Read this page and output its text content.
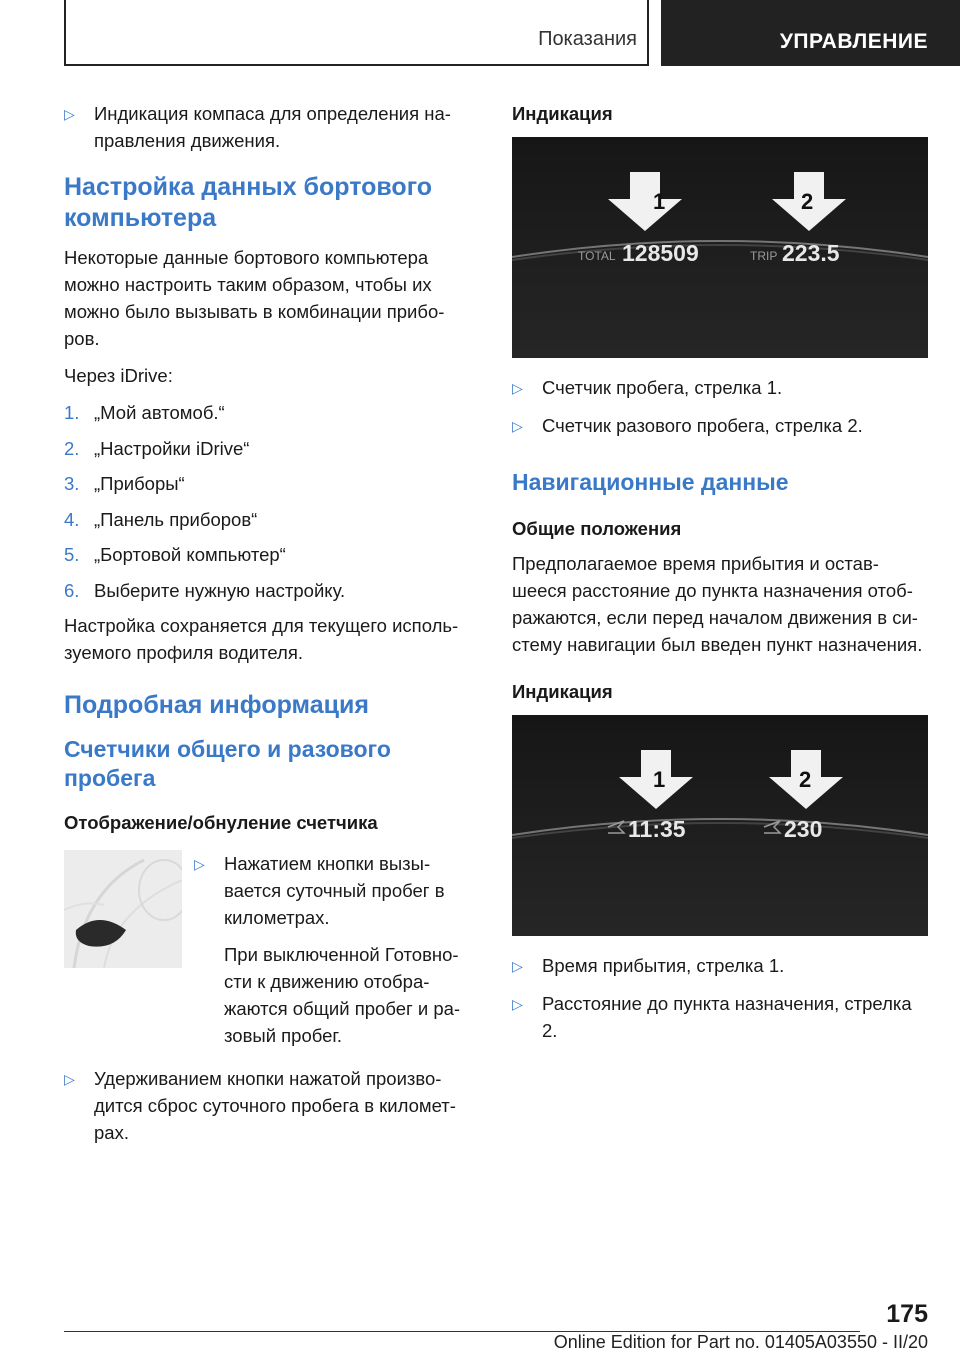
Показания	УПРАВЛЕНИЕ
▷	Индикация компаса для определения на-правления движения.
Настройка данных бортового компьютера

Некоторые данные бортового компьютера можно настроить таким образом, чтобы их можно было вызывать в комбинации прибо-ров.

Через iDrive:

1. „Мой автомоб.“
2. „Настройки iDrive“
3. „Приборы“
4. „Панель приборов“
5. „Бортовой компьютер“
6. Выберите нужную настройку.

Настройка сохраняется для текущего исполь-зуемого профиля водителя.

Подробная информация
Счетчики общего и разового пробега
Отображение/обнуление счетчика
▷	Нажатием кнопки вызы-вается суточный пробег в километрах.

При выключенной Готовно-сти к движению отобра-жаются общий пробег и ра-зовый пробег.

▷	Удерживанием кнопки нажатой произво-дится сброс суточного пробега в километ-рах.
Индикация
1	2
TOTAL 128509	TRIP 223.5
▷	Счетчик пробега, стрелка 1.
▷	Счетчик разового пробега, стрелка 2.
Навигационные данные
Общие положения

Предполагаемое время прибытия и остав-шееся расстояние до пункта назначения отоб-ражаются, если перед началом движения в си-стему навигации был введен пункт назначения.

Индикация
1	2
11:35	230
▷	Время прибытия, стрелка 1.
▷	Расстояние до пункта назначения, стрелка 2.
175
Online Edition for Part no. 01405A03550 - II/20
